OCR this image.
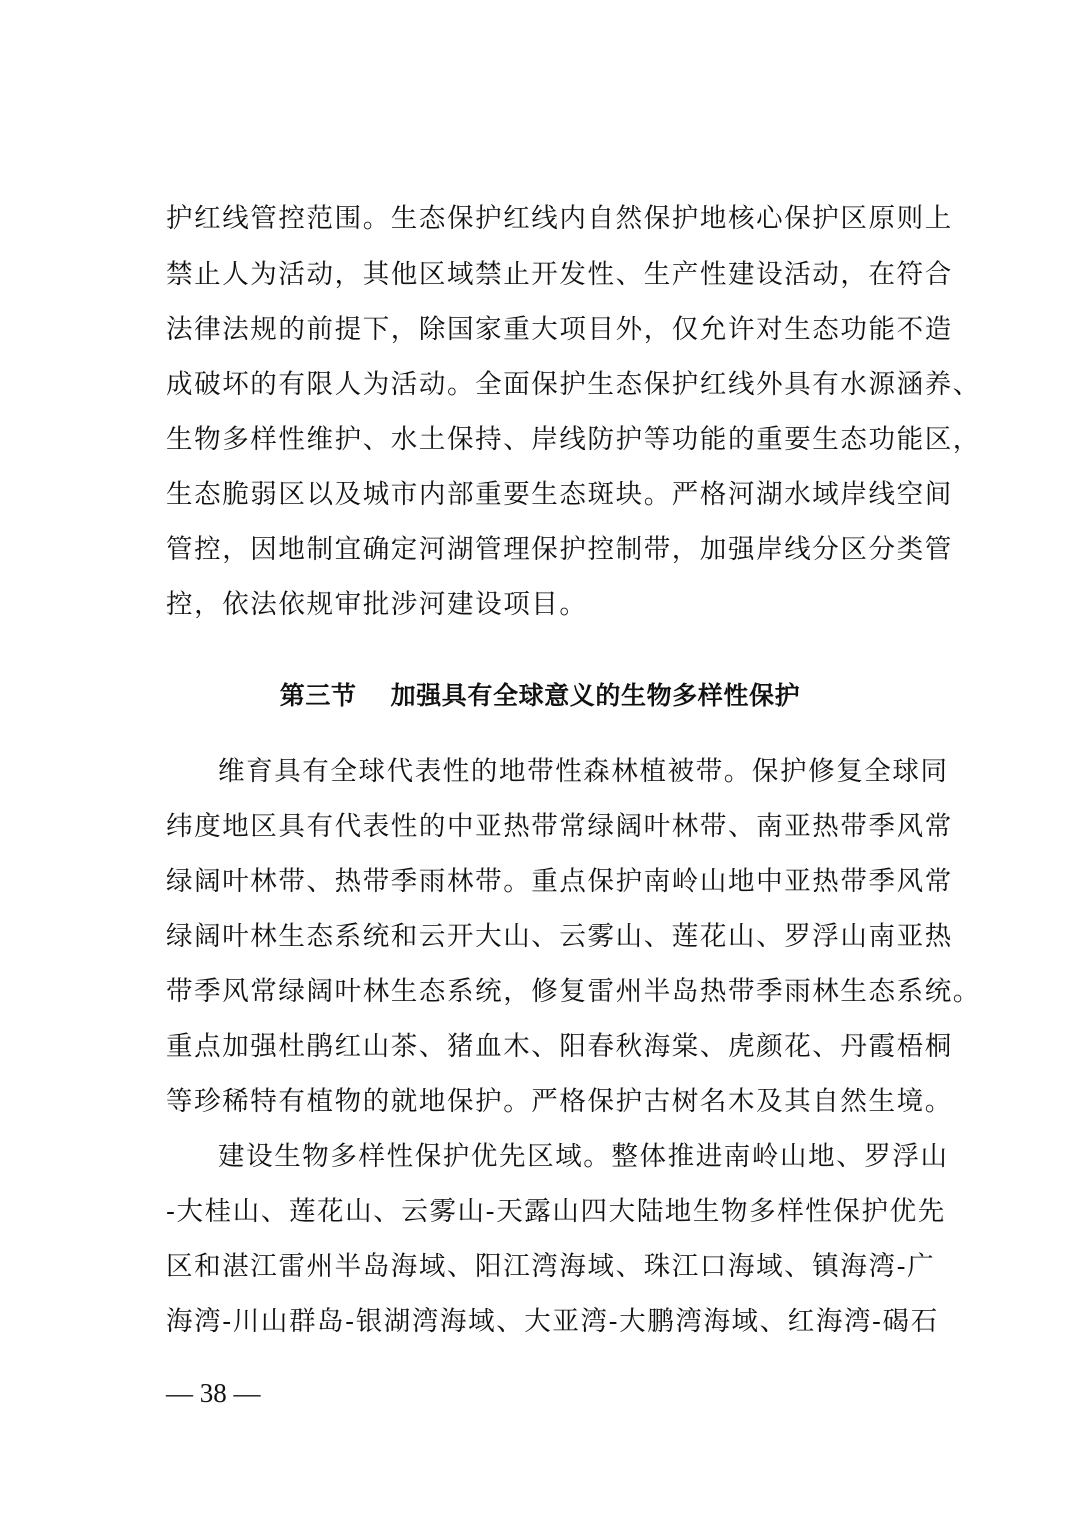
护红线管控范围。生态保护红线内自然保护地核心保护区原则上
禁止人为活动，其他区域禁止开发性、生产性建设活动，在符合
法律法规的前提下，除国家重大项目外，仅允许对生态功能不造
成破坏的有限人为活动。全面保护生态保护红线外具有水源涵养、
生物多样性维护、水土保持、岸线防护等功能的重要生态功能区，
生态脆弱区以及城市内部重要生态斑块。严格河湖水域岸线空间
管控，因地制宜确定河湖管理保护控制带，加强岸线分区分类管
控，依法依规审批涉河建设项目。
第三节 加强具有全球意义的生物多样性保护
维育具有全球代表性的地带性森林植被带。保护修复全球同
纬度地区具有代表性的中亚热带常绿阔叶林带、南亚热带季风常
绿阔叶林带、热带季雨林带。重点保护南岭山地中亚热带季风常
绿阔叶林生态系统和云开大山、云雾山、莲花山、罗浮山南亚热
带季风常绿阔叶林生态系统，修复雷州半岛热带季雨林生态系统。
重点加强杜鹃红山茶、猪血木、阳春秋海棠、虎颜花、丹霞梧桐
等珍稀特有植物的就地保护。严格保护古树名木及其自然生境。
建设生物多样性保护优先区域。整体推进南岭山地、罗浮山
-大桂山、莲花山、云雾山-天露山四大陆地生物多样性保护优先
区和湛江雷州半岛海域、阳江湾海域、珠江口海域、镇海湾-广
海湾-川山群岛-银湖湾海域、大亚湾-大鹏湾海域、红海湾-碣石
— 38 —
